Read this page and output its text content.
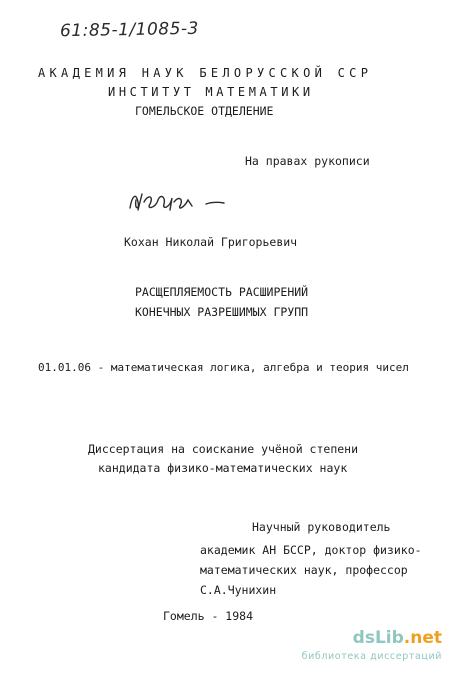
61:85-1/1085-3
АКАДЕМИЯ НАУК БЕЛОРУССКОЙ ССР
ИНСТИТУТ МАТЕМАТИКИ
ГОМЕЛЬСКОЕ ОТДЕЛЕНИЕ
На правах рукописи
Кохан Николай Григорьевич
РАСЩЕПЛЯЕМОСТЬ РАСШИРЕНИЙ
КОНЕЧНЫХ РАЗРЕШИМЫХ ГРУПП
01.01.06 - математическая логика, алгебра и теория чисел
Диссертация на соискание учёной степени
кандидата физико-математических наук
Научный руководитель
академик АН БССР, доктор физико-
математических наук, профессор
С.А.Чунихин
Гомель - 1984
dsLib.net
библиотека диссертаций
